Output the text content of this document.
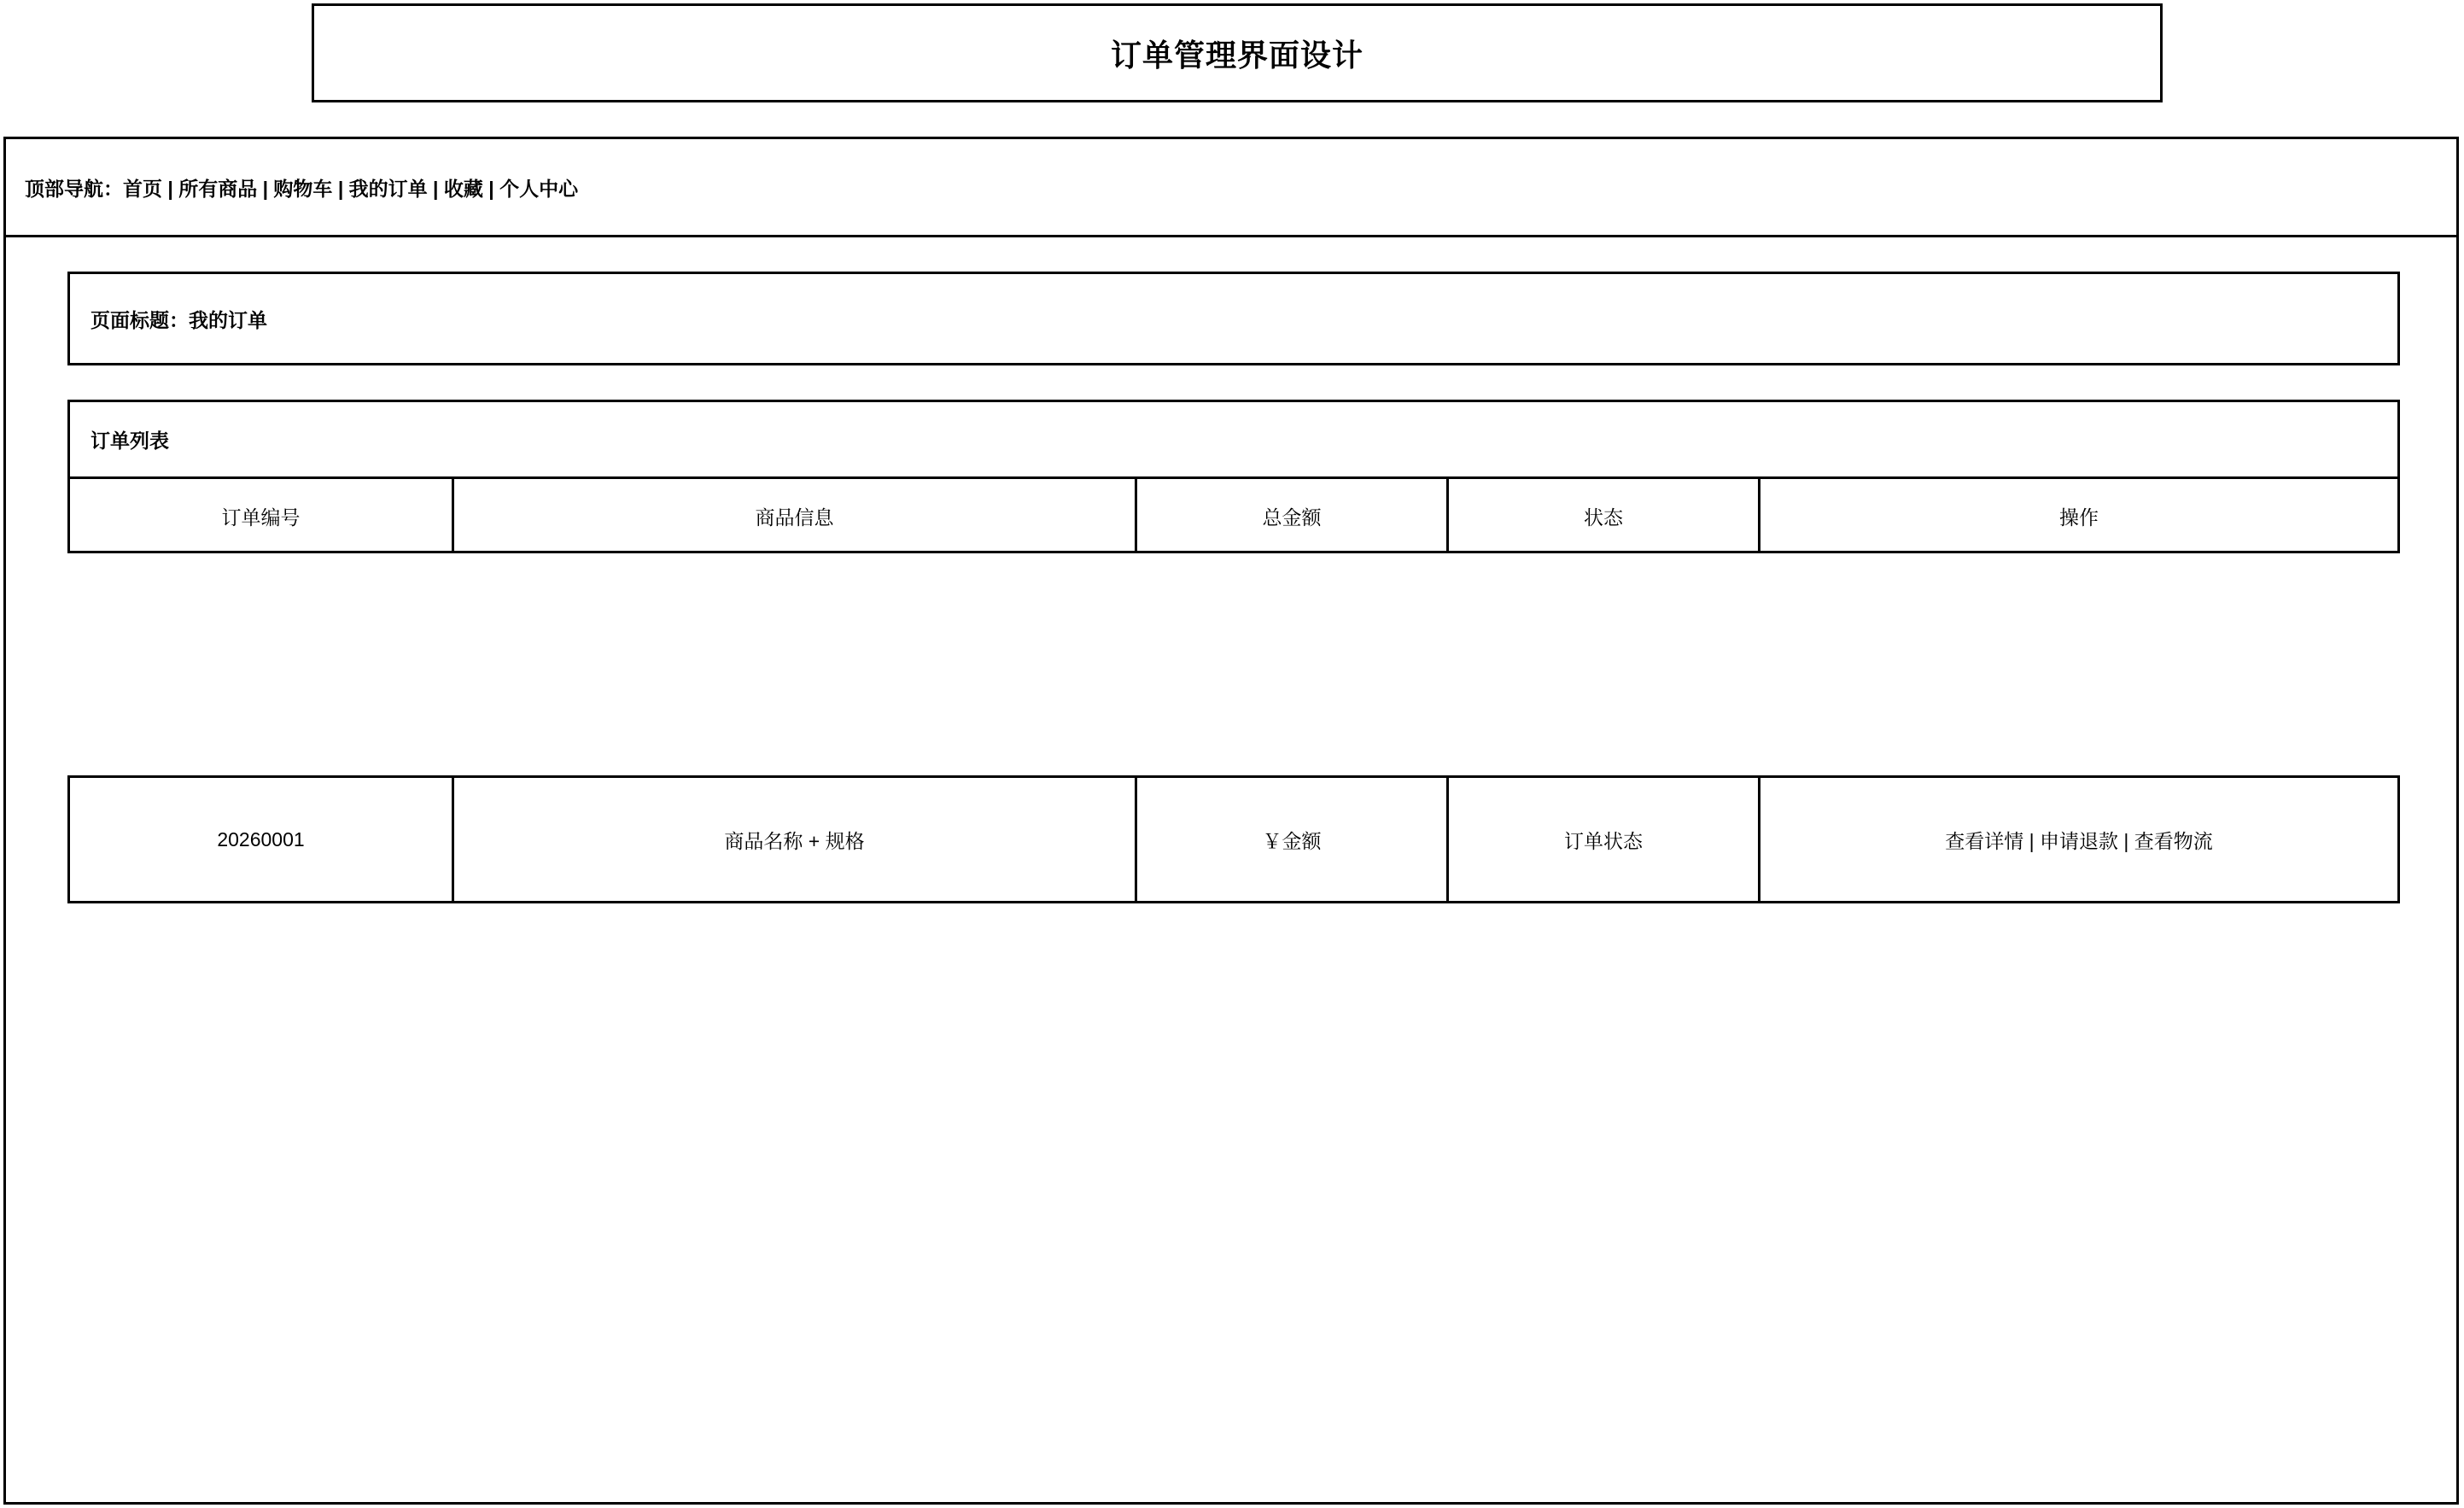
订单管理界面设计
顶部导航：首页 | 所有商品 | 购物车 | 我的订单 | 收藏 | 个人中心
页面标题：我的订单
订单列表
订单编号	商品信息	总金额	状态	操作
20260001	商品名称 + 规格	￥金额	订单状态	查看详情 | 申请退款 | 查看物流
